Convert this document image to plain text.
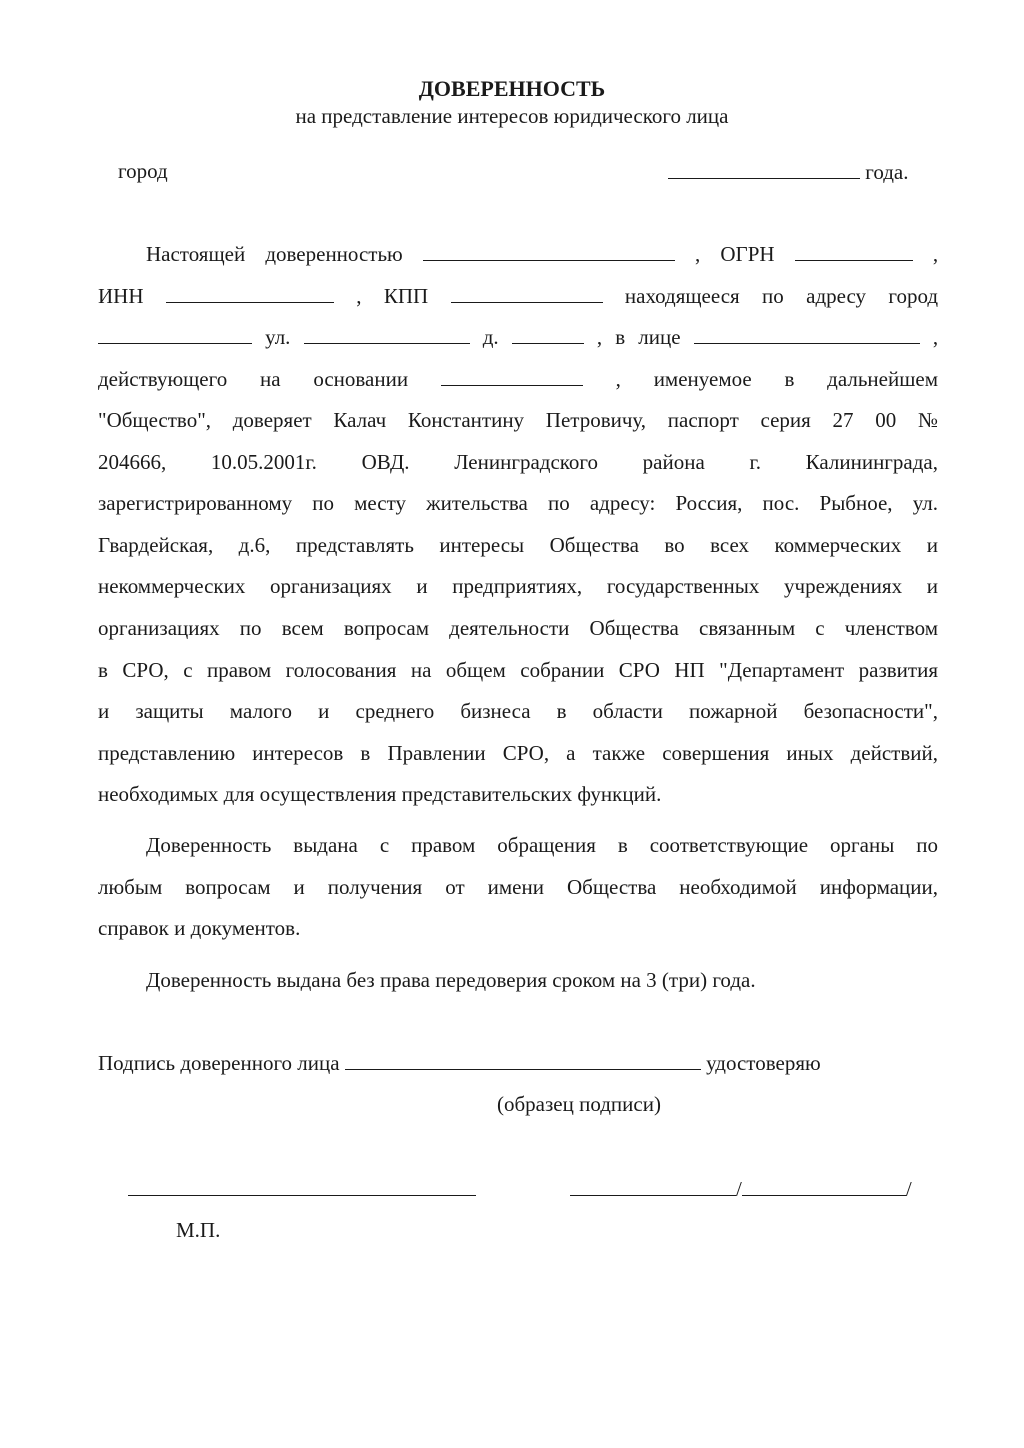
ДОВЕРЕННОСТЬ
на представление интересов юридического лица
город	года.
Настоящей доверенностью	, ОГРН	,
ИНН	, КПП	находящееся по адресу город
ул.	д.	, в лице	,
действующего на основании	, именуемое в дальнейшем
"Общество", доверяет Калач Константину Петровичу, паспорт серия 27 00 №
204666, 10.05.2001г. ОВД. Ленинградского района г. Калининграда,
зарегистрированному по месту жительства по адресу: Россия, пос. Рыбное, ул.
Гвардейская, д.6, представлять интересы Общества во всех коммерческих и
некоммерческих организациях и предприятиях, государственных учреждениях и
организациях по всем вопросам деятельности Общества связанным с членством
в СРО, с правом голосования на общем собрании СРО НП "Департамент развития
и защиты малого и среднего бизнеса в области пожарной безопасности",
представлению интересов в Правлении СРО, а также совершения иных действий,
необходимых для осуществления представительских функций.
Доверенность выдана с правом обращения в соответствующие органы по
любым вопросам и получения от имени Общества необходимой информации,
справок и документов.
Доверенность выдана без права передоверия сроком на 3 (три) года.
Подпись доверенного лица	удостоверяю
(образец подписи)
/	/
М.П.
